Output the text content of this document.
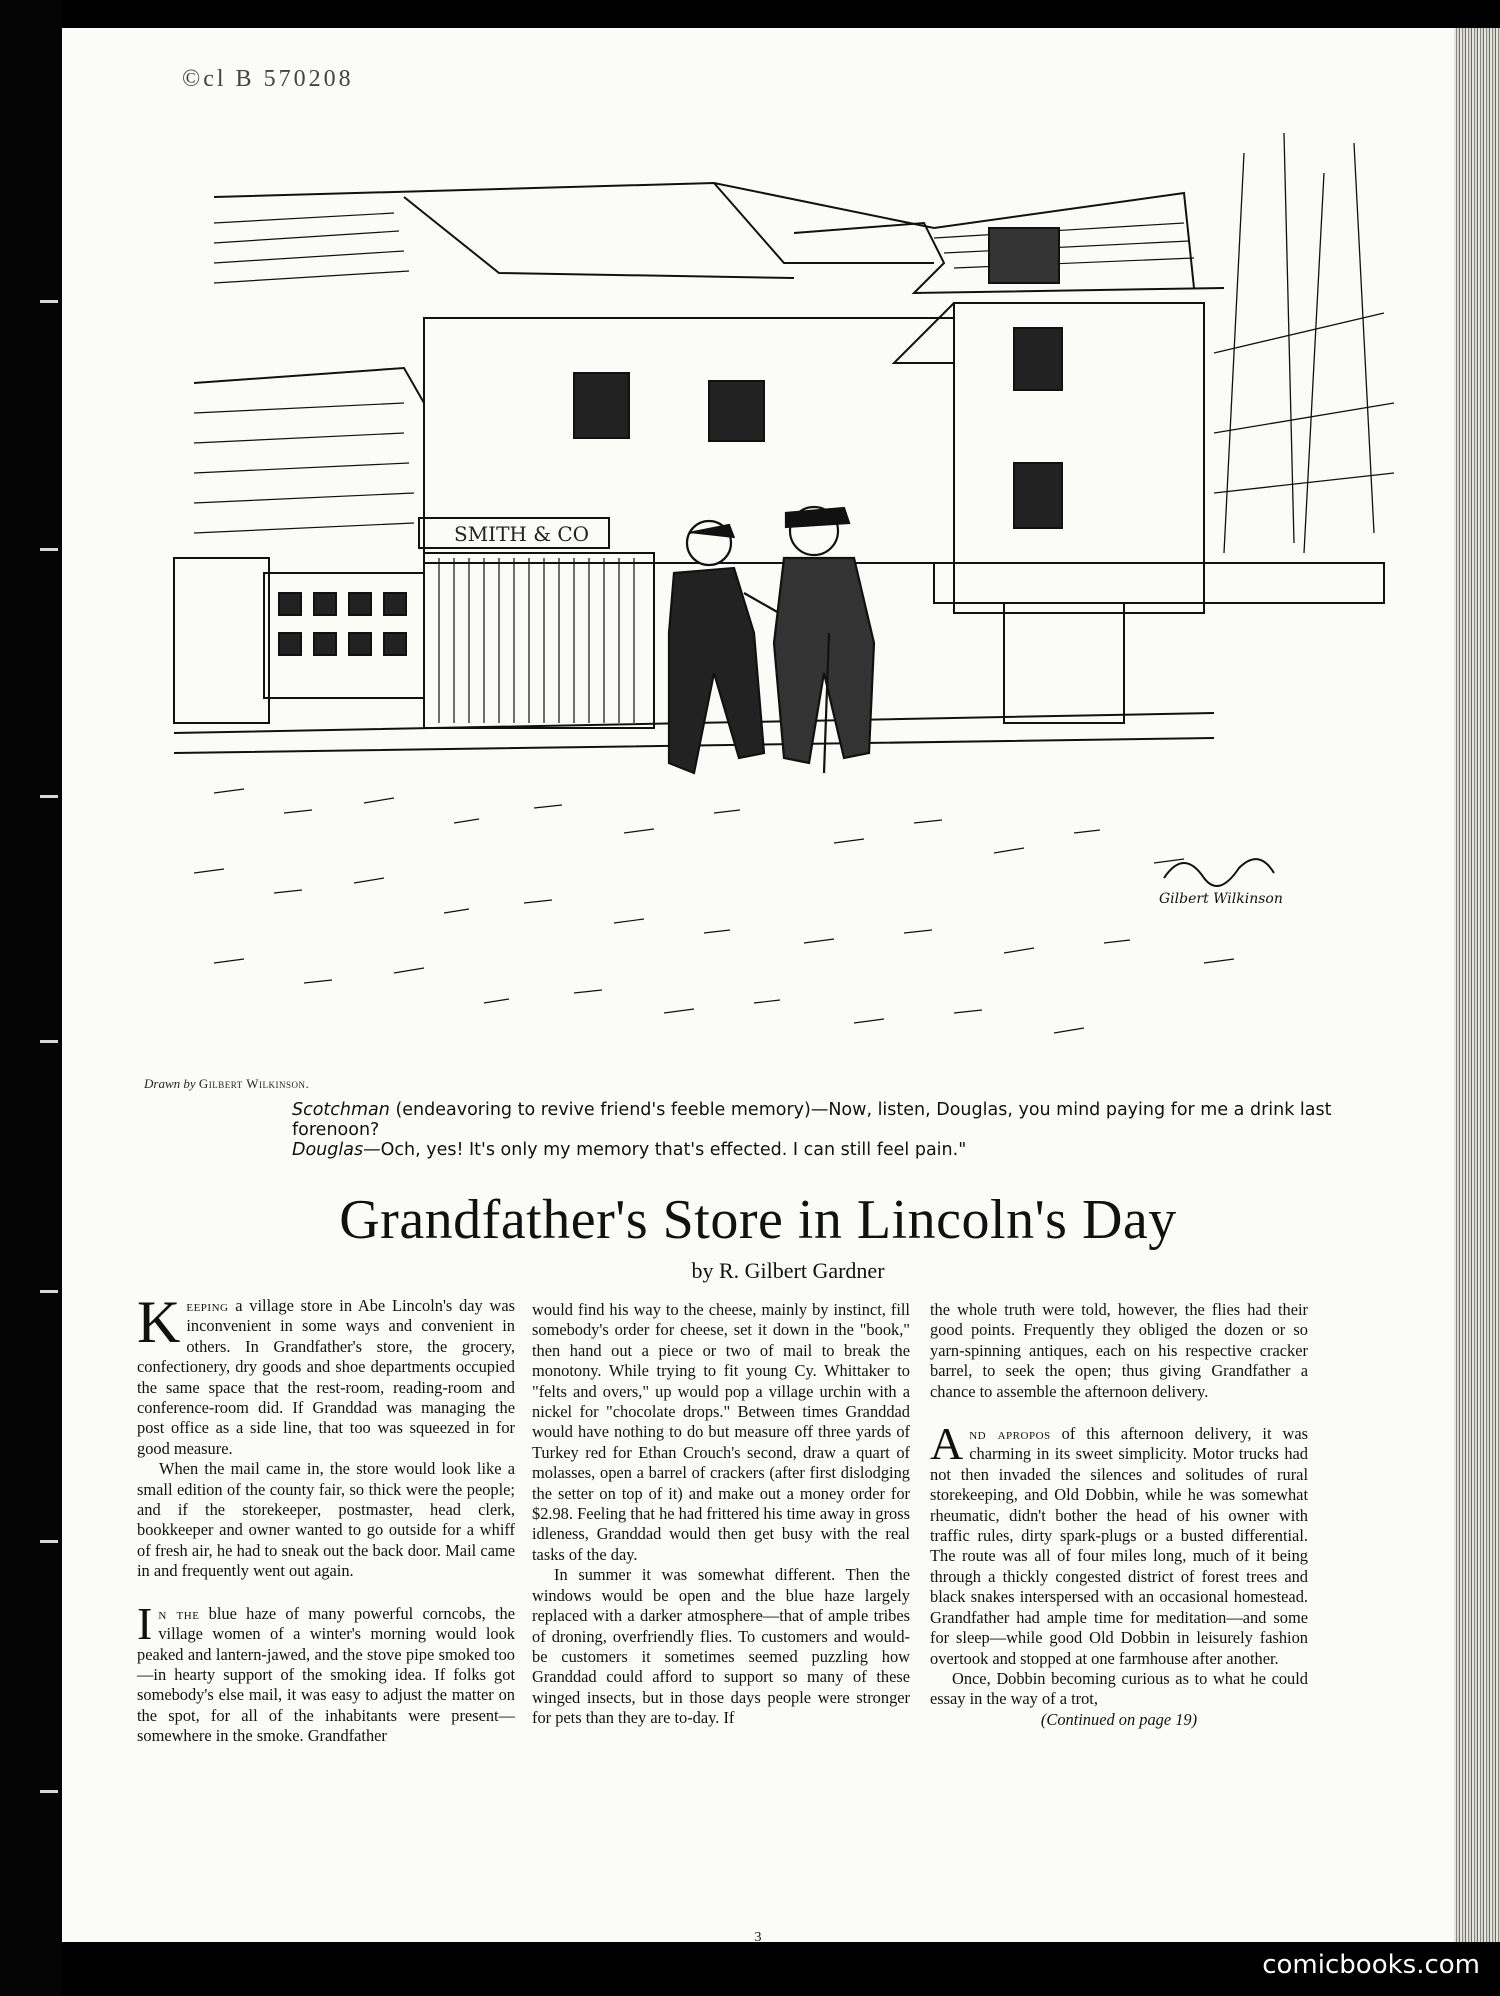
©cl B 570208
SMITH & CO
Gilbert Wilkinson
Drawn by Gilbert Wilkinson.

Scotchman (endeavoring to revive friend's feeble memory)—Now, listen, Douglas, you mind paying for me a drink last forenoon?

Douglas—Och, yes! It's only my memory that's effected. I can still feel pain."

Grandfather's Store in Lincoln's Day
by R. Gilbert Gardner

Keeping a village store in Abe Lincoln's day was inconvenient in some ways and convenient in others. In Grandfather's store, the grocery, confectionery, dry goods and shoe departments occupied the same space that the rest-room, reading-room and conference-room did. If Granddad was managing the post office as a side line, that too was squeezed in for good measure.

When the mail came in, the store would look like a small edition of the county fair, so thick were the people; and if the storekeeper, postmaster, head clerk, bookkeeper and owner wanted to go outside for a whiff of fresh air, he had to sneak out the back door. Mail came in and frequently went out again.

In the blue haze of many powerful corncobs, the village women of a winter's morning would look peaked and lantern-jawed, and the stove pipe smoked too—in hearty support of the smoking idea. If folks got somebody's else mail, it was easy to adjust the matter on the spot, for all of the inhabitants were present—somewhere in the smoke. Grandfather

would find his way to the cheese, mainly by instinct, fill somebody's order for cheese, set it down in the "book," then hand out a piece or two of mail to break the monotony. While trying to fit young Cy. Whittaker to "felts and overs," up would pop a village urchin with a nickel for "chocolate drops." Between times Granddad would have nothing to do but measure off three yards of Turkey red for Ethan Crouch's second, draw a quart of molasses, open a barrel of crackers (after first dislodging the setter on top of it) and make out a money order for $2.98. Feeling that he had frittered his time away in gross idleness, Granddad would then get busy with the real tasks of the day.

In summer it was somewhat different. Then the windows would be open and the blue haze largely replaced with a darker atmosphere—that of ample tribes of droning, overfriendly flies. To customers and would-be customers it sometimes seemed puzzling how Granddad could afford to support so many of these winged insects, but in those days people were stronger for pets than they are to-day. If

the whole truth were told, however, the flies had their good points. Frequently they obliged the dozen or so yarn-spinning antiques, each on his respective cracker barrel, to seek the open; thus giving Grandfather a chance to assemble the afternoon delivery.

And apropos of this afternoon delivery, it was charming in its sweet simplicity. Motor trucks had not then invaded the silences and solitudes of rural storekeeping, and Old Dobbin, while he was somewhat rheumatic, didn't bother the head of his owner with traffic rules, dirty spark-plugs or a busted differential. The route was all of four miles long, much of it being through a thickly congested district of forest trees and black snakes interspersed with an occasional homestead. Grandfather had ample time for meditation—and some for sleep—while good Old Dobbin in leisurely fashion overtook and stopped at one farmhouse after another.

Once, Dobbin becoming curious as to what he could essay in the way of a trot,

(Continued on page 19)

3
comicbooks.com
